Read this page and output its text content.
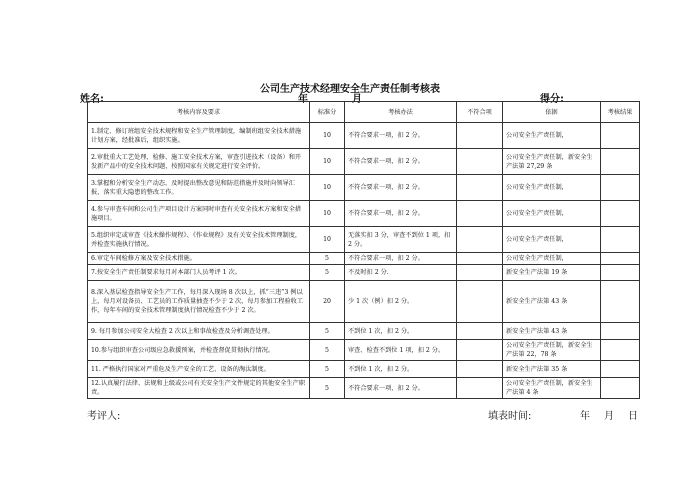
公司生产技术经理安全生产责任制考核表
姓名:	年	月	得分:
考核内容及要求	标准分	考核办法	不符合项	依据	考核结果
1.制定、修订班组安全技术规程和安全生产管理制度，编制班组安全技术措施计划方案，经批准后，组织实施。	10	不符合要求一项，扣 2 分。		公司安全生产责任制，	
2.审批重大工艺处理、检修、施工安全技术方案，审查引进技术（设备）和开发新产品中的安全技术问题，按照国家有关规定进行安全评价。	10	不符合要求一项，扣 2 分。		公司安全生产责任制，新安全生产法第 27,29 条	
3.掌握和分析安全生产动态，及时提出整改意见和防范措施并及时向领导汇报，落实重大隐患的整改工作。	10	不符合要求一项，扣 2 分。		公司安全生产责任制，	
4.参与审查车间和公司生产项目设计方案同时审查有关安全技术方案和安全措施项目。	10	不符合要求一项，扣 2 分。		公司安全生产责任制，	
5.组织审定或审查《技术操作规程》、《作业规程》及有关安全技术管理制度，并检查实施执行情况。	10	无落实扣 3 分，审查不到位 1 项，扣 2 分。		公司安全生产责任制，	
6.审定车间检修方案及安全技术措施。	5	不符合要求一项，扣 2 分。		公司安全生产责任制，	
7.按安全生产责任制要求每月对本部门人员考评 1 次。	5	不及时扣 2 分.		新安全生产法第 19 条	
8.深入基层检查指导安全生产工作，每月深入现场 8 次以上，抓“三违”3 例以上，每月对设备员、工艺员的工作质量抽查不少于 2 次，每月参加工程验收工作，每年车间的安全技术管理制度执行情况检查不少于 2 次。	20	少 1 次（例）扣 2 分。		新安全生产法第 43 条	
9. 每月参加公司安全大检查 2 次以上和事故检查及分析调查处理。	5	不到位 1 次，扣 2 分。		新安全生产法第 43 条	
10.参与组织审查公司级应急救援预案，并检查督促贯彻执行情况。	5	审查、检查不到位 1 项，扣 2 分。		公司安全生产责任制，新安全生产法第 22，78 条	
11. 严格执行国家对严重危及生产安全的工艺、设备的淘汰制度。	5	不到位 1 次，扣 2 分。		新安全生产法第 35 条	
12.认真履行法律、法规和上级或公司有关安全生产文件规定的其他安全生产职责。	5	不符合要求一项，扣 2 分。		公司安全生产责任制，新安全生产法第 4 条	
考评人:	填表时间:	年 月 日
